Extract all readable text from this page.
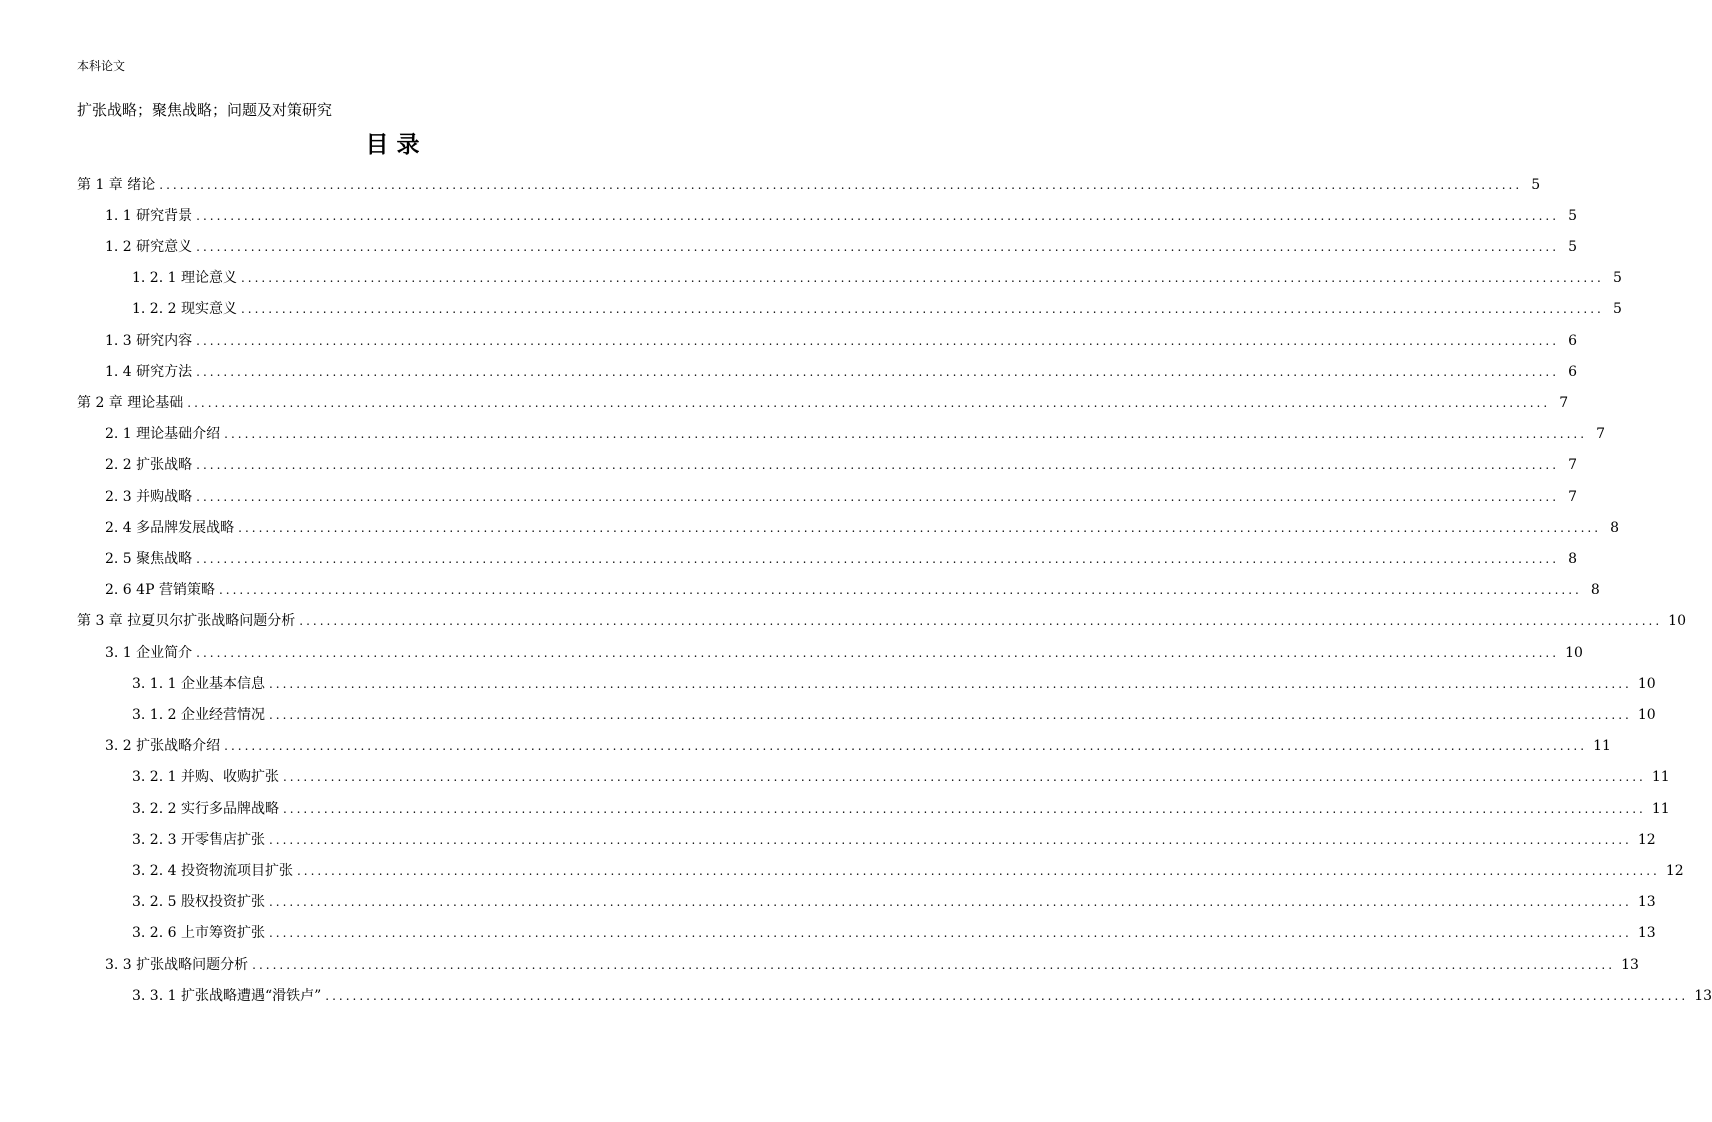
本科论文
扩张战略；聚焦战略；问题及对策研究
目录
第 1 章 绪论 ........................................................................................................................................................................................................ 5
1. 1 研究背景 ........................................................................................................................................................................................................ 5
1. 2 研究意义 ........................................................................................................................................................................................................ 5
1. 2. 1 理论意义 ........................................................................................................................................................................................................ 5
1. 2. 2 现实意义 ........................................................................................................................................................................................................ 5
1. 3 研究内容 ........................................................................................................................................................................................................ 6
1. 4 研究方法 ........................................................................................................................................................................................................ 6
第 2 章 理论基础 ........................................................................................................................................................................................................ 7
2. 1 理论基础介绍 ........................................................................................................................................................................................................ 7
2. 2 扩张战略 ........................................................................................................................................................................................................ 7
2. 3 并购战略 ........................................................................................................................................................................................................ 7
2. 4 多品牌发展战略 ........................................................................................................................................................................................................ 8
2. 5 聚焦战略 ........................................................................................................................................................................................................ 8
2. 6 4P 营销策略 ........................................................................................................................................................................................................ 8
第 3 章 拉夏贝尔扩张战略问题分析 ........................................................................................................................................................................................................ 10
3. 1 企业简介 ........................................................................................................................................................................................................ 10
3. 1. 1 企业基本信息 ........................................................................................................................................................................................................ 10
3. 1. 2 企业经营情况 ........................................................................................................................................................................................................ 10
3. 2 扩张战略介绍 ........................................................................................................................................................................................................ 11
3. 2. 1 并购、收购扩张 ........................................................................................................................................................................................................ 11
3. 2. 2 实行多品牌战略 ........................................................................................................................................................................................................ 11
3. 2. 3 开零售店扩张 ........................................................................................................................................................................................................ 12
3. 2. 4 投资物流项目扩张 ........................................................................................................................................................................................................ 12
3. 2. 5 股权投资扩张 ........................................................................................................................................................................................................ 13
3. 2. 6 上市筹资扩张 ........................................................................................................................................................................................................ 13
3. 3 扩张战略问题分析 ........................................................................................................................................................................................................ 13
3. 3. 1 扩张战略遭遇“滑铁卢” ........................................................................................................................................................................................................ 13
